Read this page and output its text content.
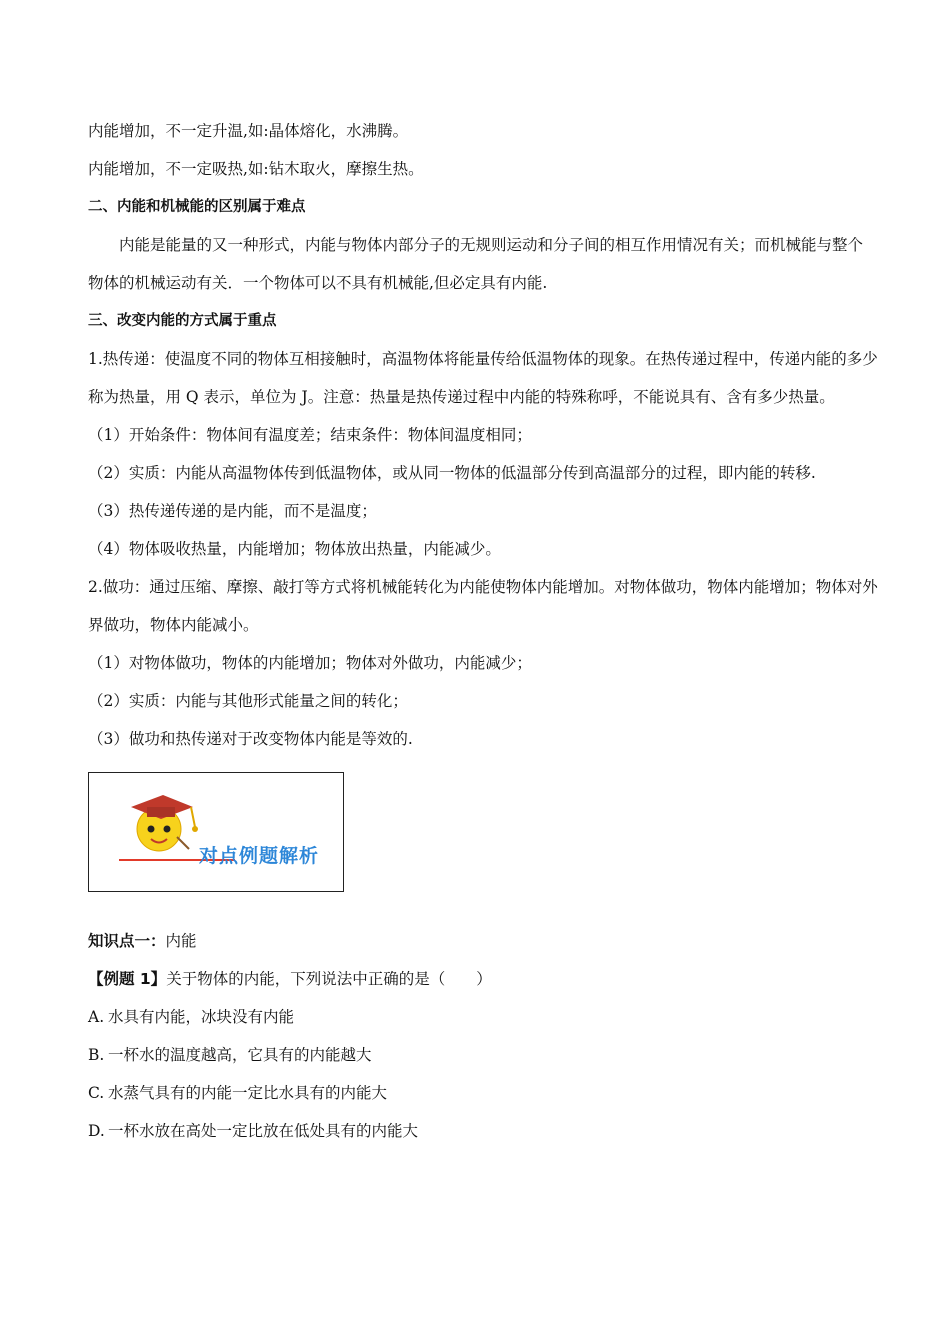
内能增加，不一定升温,如:晶体熔化，水沸腾。

内能增加，不一定吸热,如:钻木取火，摩擦生热。

二、内能和机械能的区别属于难点

内能是能量的又一种形式，内能与物体内部分子的无规则运动和分子间的相互作用情况有关；而机械能与整个物体的机械运动有关．一个物体可以不具有机械能,但必定具有内能.

三、改变内能的方式属于重点

1.热传递：使温度不同的物体互相接触时，高温物体将能量传给低温物体的现象。在热传递过程中，传递内能的多少称为热量，用 Q 表示，单位为 J。注意：热量是热传递过程中内能的特殊称呼，不能说具有、含有多少热量。

（1）开始条件：物体间有温度差；结束条件：物体间温度相同；

（2）实质：内能从高温物体传到低温物体，或从同一物体的低温部分传到高温部分的过程，即内能的转移.

（3）热传递传递的是内能，而不是温度；

（4）物体吸收热量，内能增加；物体放出热量，内能减少。

2.做功：通过压缩、摩擦、敲打等方式将机械能转化为内能使物体内能增加。对物体做功，物体内能增加；物体对外界做功，物体内能减小。

（1）对物体做功，物体的内能增加；物体对外做功，内能减少；

（2）实质：内能与其他形式能量之间的转化；

（3）做功和热传递对于改变物体内能是等效的.

对点例题解析

知识点一：内能

【例题 1】关于物体的内能，下列说法中正确的是（　　）

A. 水具有内能，冰块没有内能

B. 一杯水的温度越高，它具有的内能越大

C. 水蒸气具有的内能一定比水具有的内能大

D. 一杯水放在高处一定比放在低处具有的内能大
